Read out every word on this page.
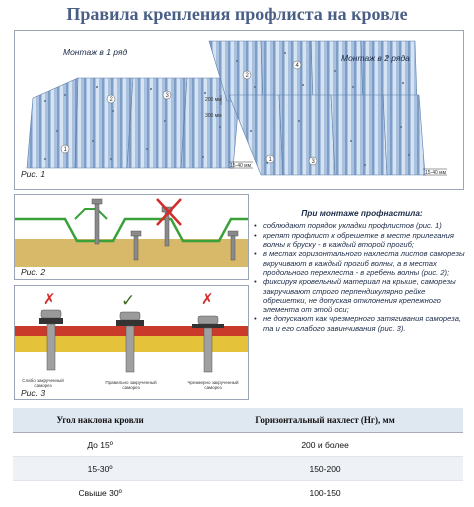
Правила крепления профлиста на кровле
1
2
3
15-40 мм
1
2
3
4
200 мм
300 мм
15-40 мм
Монтаж в 1 ряд
Монтаж в 2 ряда
Рис. 1
Рис. 2
✗	✓	✗
Слабо закрученный саморез
Правильно закрученный саморез
Чрезмерно закрученный саморез
Рис. 3
При монтаже профнастила:
• соблюдают порядок укладки профлистов (рис. 1)
• крепят профлист к обрешетке в месте прилегания волны к бруску - в каждый второй прогиб;
• в местах горизонтального нахлеста листов саморезы вкручивают в каждый прогиб волны, а в местах продольного перехлеста - в гребень волны (рис. 2);
• фиксируя кровельный материал на крыше, саморезы закручивают строго перпендикулярно рейке обрешетки, не допуская отклонения крепежного элемента от этой оси;
• не допускают как чрезмерного затягивания самореза, та и его слабого завинчивания (рис. 3).
Угол наклона кровли	Горизонтальный нахлест (Нг), мм
До 15º	200 и более
15-30º	150-200
Свыше 30º	100-150
